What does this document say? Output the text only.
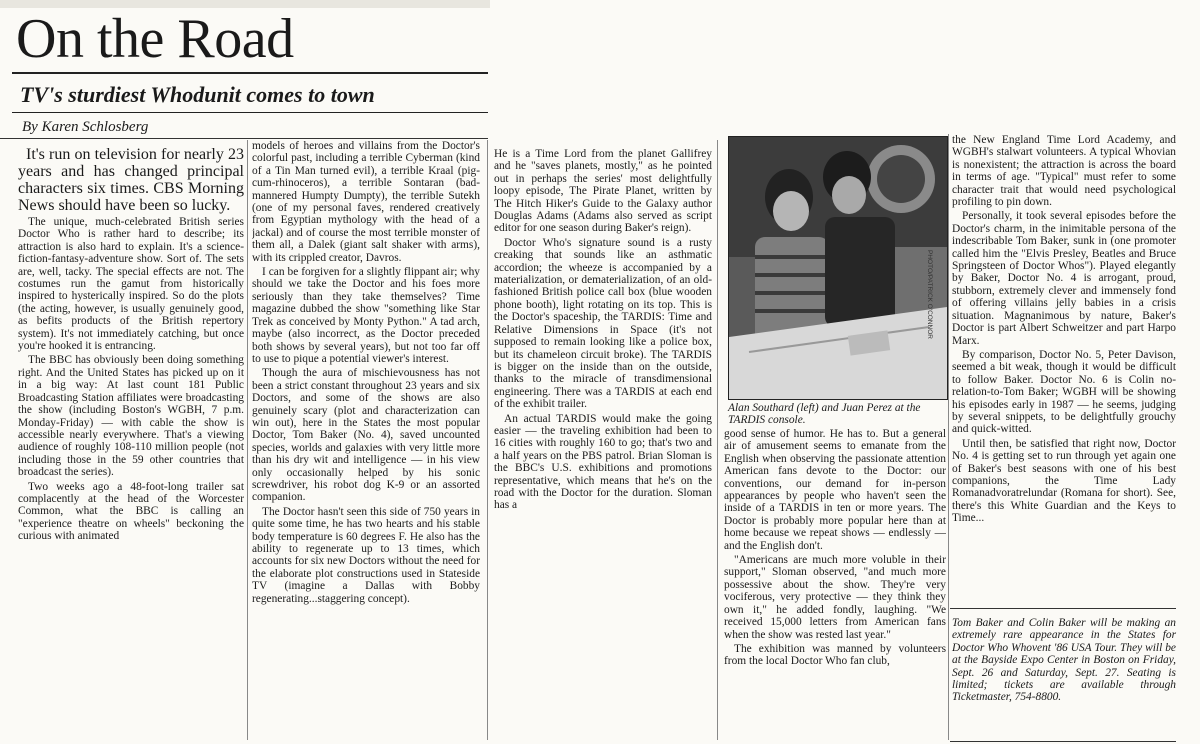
On the Road
TV's sturdiest Whodunit comes to town
By Karen Schlosberg

It's run on television for nearly 23 years and has changed principal characters six times. CBS Morning News should have been so lucky.

The unique, much-celebrated British series Doctor Who is rather hard to describe; its attraction is also hard to explain. It's a science-fiction-fantasy-adventure show. Sort of. The sets are, well, tacky. The special effects are not. The costumes run the gamut from historically inspired to hysterically inspired. So do the plots (the acting, however, is usually genuinely good, as befits products of the British repertory system). It's not immediately catching, but once you're hooked it is entrancing.

The BBC has obviously been doing something right. And the United States has picked up on it in a big way: At last count 181 Public Broadcasting Station affiliates were broadcasting the show (including Boston's WGBH, 7 p.m. Monday-Friday) — with cable the show is accessible nearly everywhere. That's a viewing audience of roughly 108-110 million people (not including those in the 59 other countries that broadcast the series).

Two weeks ago a 48-foot-long trailer sat complacently at the head of the Worcester Common, what the BBC is calling an "experience theatre on wheels" beckoning the curious with animated

models of heroes and villains from the Doctor's colorful past, including a terrible Cyberman (kind of a Tin Man turned evil), a terrible Kraal (pig-cum-rhinoceros), a terrible Sontaran (bad-mannered Humpty Dumpty), the terrible Sutekh (one of my personal faves, rendered creatively from Egyptian mythology with the head of a jackal) and of course the most terrible monster of them all, a Dalek (giant salt shaker with arms), with its crippled creator, Davros.

I can be forgiven for a slightly flippant air; why should we take the Doctor and his foes more seriously than they take themselves? Time magazine dubbed the show "something like Star Trek as conceived by Monty Python." A tad arch, maybe (also incorrect, as the Doctor preceded both shows by several years), but not too far off to use to pique a potential viewer's interest.

Though the aura of mischievousness has not been a strict constant throughout 23 years and six Doctors, and some of the shows are also genuinely scary (plot and characterization can win out), here in the States the most popular Doctor, Tom Baker (No. 4), saved uncounted species, worlds and galaxies with very little more than his dry wit and intelligence — in his view only occasionally helped by his sonic screwdriver, his robot dog K-9 or an assorted companion.

The Doctor hasn't seen this side of 750 years in quite some time, he has two hearts and his stable body temperature is 60 degrees F. He also has the ability to regenerate up to 13 times, which accounts for six new Doctors without the need for the elaborate plot constructions used in Stateside TV (imagine a Dallas with Bobby regenerating...staggering concept).

He is a Time Lord from the planet Gallifrey and he "saves planets, mostly," as he pointed out in perhaps the series' most delightfully loopy episode, The Pirate Planet, written by The Hitch Hiker's Guide to the Galaxy author Douglas Adams (Adams also served as script editor for one season during Baker's reign).

Doctor Who's signature sound is a rusty creaking that sounds like an asthmatic accordion; the wheeze is accompanied by a materialization, or dematerialization, of an old-fashioned British police call box (blue wooden phone booth), light rotating on its top. This is the Doctor's spaceship, the TARDIS: Time and Relative Dimensions in Space (it's not supposed to remain looking like a police box, but its chameleon circuit broke). The TARDIS is bigger on the inside than on the outside, thanks to the miracle of transdimensional engineering. There was a TARDIS at each end of the exhibit trailer.

An actual TARDIS would make the going easier — the traveling exhibition had been to 16 cities with roughly 160 to go; that's two and a half years on the PBS patrol. Brian Sloman is the BBC's U.S. exhibitions and promotions representative, which means that he's on the road with the Doctor for the duration. Sloman has a

PHOTO/PATRICK O'CONNOR
Alan Southard (left) and Juan Perez at the TARDIS console.

good sense of humor. He has to. But a general air of amusement seems to emanate from the English when observing the passionate attention American fans devote to the Doctor: our conventions, our demand for in-person appearances by people who haven't seen the inside of a TARDIS in ten or more years. The Doctor is probably more popular here than at home because we repeat shows — endlessly — and the English don't.

"Americans are much more voluble in their support," Sloman observed, "and much more possessive about the show. They're very vociferous, very protective — they think they own it," he added fondly, laughing. "We received 15,000 letters from American fans when the show was rested last year."

The exhibition was manned by volunteers from the local Doctor Who fan club,

the New England Time Lord Academy, and WGBH's stalwart volunteers. A typical Whovian is nonexistent; the attraction is across the board in terms of age. "Typical" must refer to some character trait that would need psychological profiling to pin down.

Personally, it took several episodes before the Doctor's charm, in the inimitable persona of the indescribable Tom Baker, sunk in (one promoter called him the "Elvis Presley, Beatles and Bruce Springsteen of Doctor Whos"). Played elegantly by Baker, Doctor No. 4 is arrogant, proud, stubborn, extremely clever and immensely fond of offering villains jelly babies in a crisis situation. Magnanimous by nature, Baker's Doctor is part Albert Schweitzer and part Harpo Marx.

By comparison, Doctor No. 5, Peter Davison, seemed a bit weak, though it would be difficult to follow Baker. Doctor No. 6 is Colin no-relation-to-Tom Baker; WGBH will be showing his episodes early in 1987 — he seems, judging by several snippets, to be delightfully grouchy and quick-witted.

Until then, be satisfied that right now, Doctor No. 4 is getting set to run through yet again one of Baker's best seasons with one of his best companions, the Time Lady Romanadvoratrelundar (Romana for short). See, there's this White Guardian and the Keys to Time...

Tom Baker and Colin Baker will be making an extremely rare appearance in the States for Doctor Who Whovent '86 USA Tour. They will be at the Bayside Expo Center in Boston on Friday, Sept. 26 and Saturday, Sept. 27. Seating is limited; tickets are available through Ticketmaster, 754-8800.
